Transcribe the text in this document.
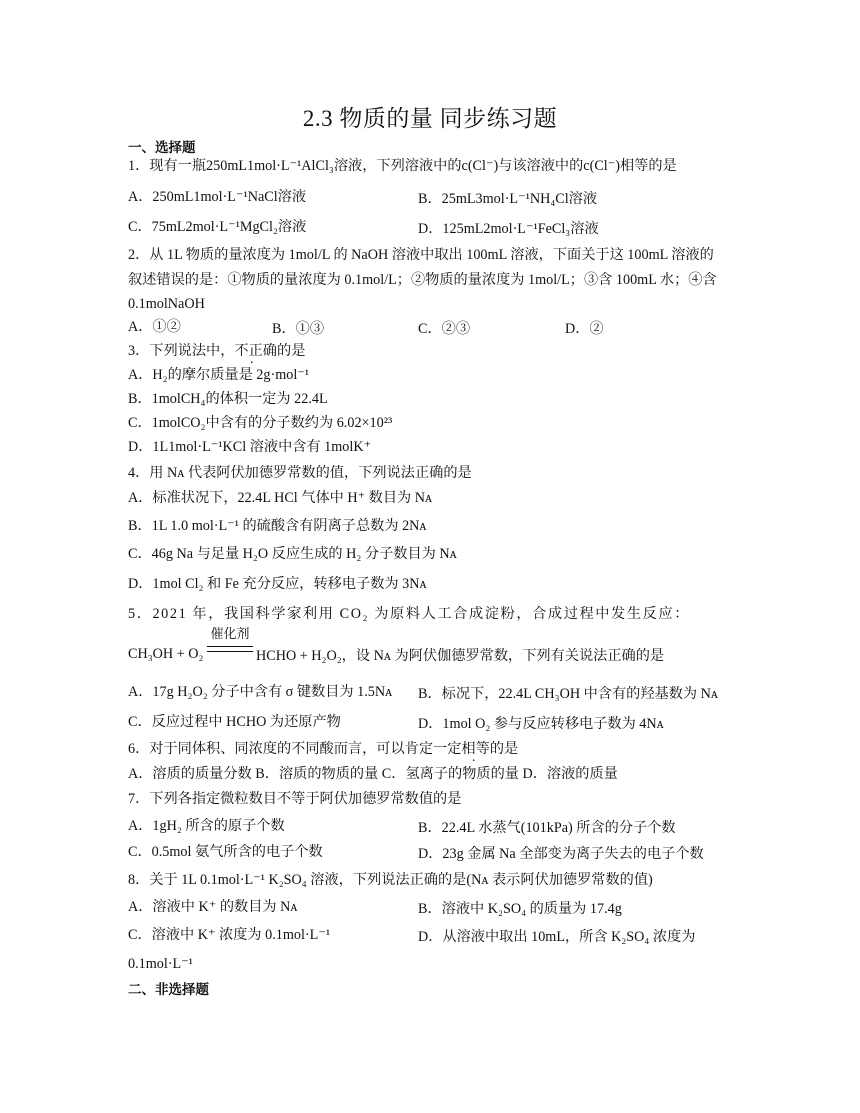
2.3 物质的量 同步练习题
一、选择题
1．现有一瓶250mL1mol·L⁻¹AlCl₃溶液，下列溶液中的c(Cl⁻)与该溶液中的c(Cl⁻)相等的是
A．250mL1mol·L⁻¹NaCl溶液	B．25mL3mol·L⁻¹NH₄Cl溶液
C．75mL2mol·L⁻¹MgCl₂溶液	D．125mL2mol·L⁻¹FeCl₃溶液
2．从 1L 物质的量浓度为 1mol/L 的 NaOH 溶液中取出 100mL 溶液，下面关于这 100mL 溶液的
叙述错误的是：①物质的量浓度为 0.1mol/L；②物质的量浓度为 1mol/L；③含 100mL 水；④含
0.1molNaOH
A．①②	B．①③	C．②③	D．②
3．下列说法中，不正确的是
A．H₂的摩尔质量是 2g·mol⁻¹
B．1molCH₄的体积一定为 22.4L
C．1molCO₂中含有的分子数约为 6.02×10²³
D．1L1mol·L⁻¹KCl 溶液中含有 1molK⁺
4．用 Nᴀ 代表阿伏加德罗常数的值，下列说法正确的是
A．标准状况下，22.4L HCl 气体中 H⁺ 数目为 Nᴀ
B．1L 1.0 mol·L⁻¹ 的硫酸含有阴离子总数为 2Nᴀ
C．46g Na 与足量 H₂O 反应生成的 H₂ 分子数目为 Nᴀ
D．1mol Cl₂ 和 Fe 充分反应，转移电子数为 3Nᴀ
5．2021 年，我国科学家利用 CO₂ 为原料人工合成淀粉，合成过程中发生反应：
CH₃OH + O₂
催化剂
HCHO + H₂O₂，设 Nᴀ 为阿伏伽德罗常数，下列有关说法正确的是
A．17g H₂O₂ 分子中含有 σ 键数目为 1.5Nᴀ B．标况下，22.4L CH₃OH 中含有的羟基数为 Nᴀ
C．反应过程中 HCHO 为还原产物	D．1mol O₂ 参与反应转移电子数为 4Nᴀ
6．对于同体积、同浓度的不同酸而言，可以肯定一定相等的是
A．溶质的质量分数 B．溶质的物质的量 C．氢离子的物质的量 D．溶液的质量
7．下列各指定微粒数目不等于阿伏加德罗常数值的是
A．1gH₂ 所含的原子个数	B．22.4L 水蒸气(101kPa) 所含的分子个数
C．0.5mol 氨气所含的电子个数	D．23g 金属 Na 全部变为离子失去的电子个数
8．关于 1L 0.1mol·L⁻¹ K₂SO₄ 溶液，下列说法正确的是(Nᴀ 表示阿伏加德罗常数的值)
A．溶液中 K⁺ 的数目为 Nᴀ	B．溶液中 K₂SO₄ 的质量为 17.4g
C．溶液中 K⁺ 浓度为 0.1mol·L⁻¹	D．从溶液中取出 10mL，所含 K₂SO₄ 浓度为
0.1mol·L⁻¹
二、非选择题
